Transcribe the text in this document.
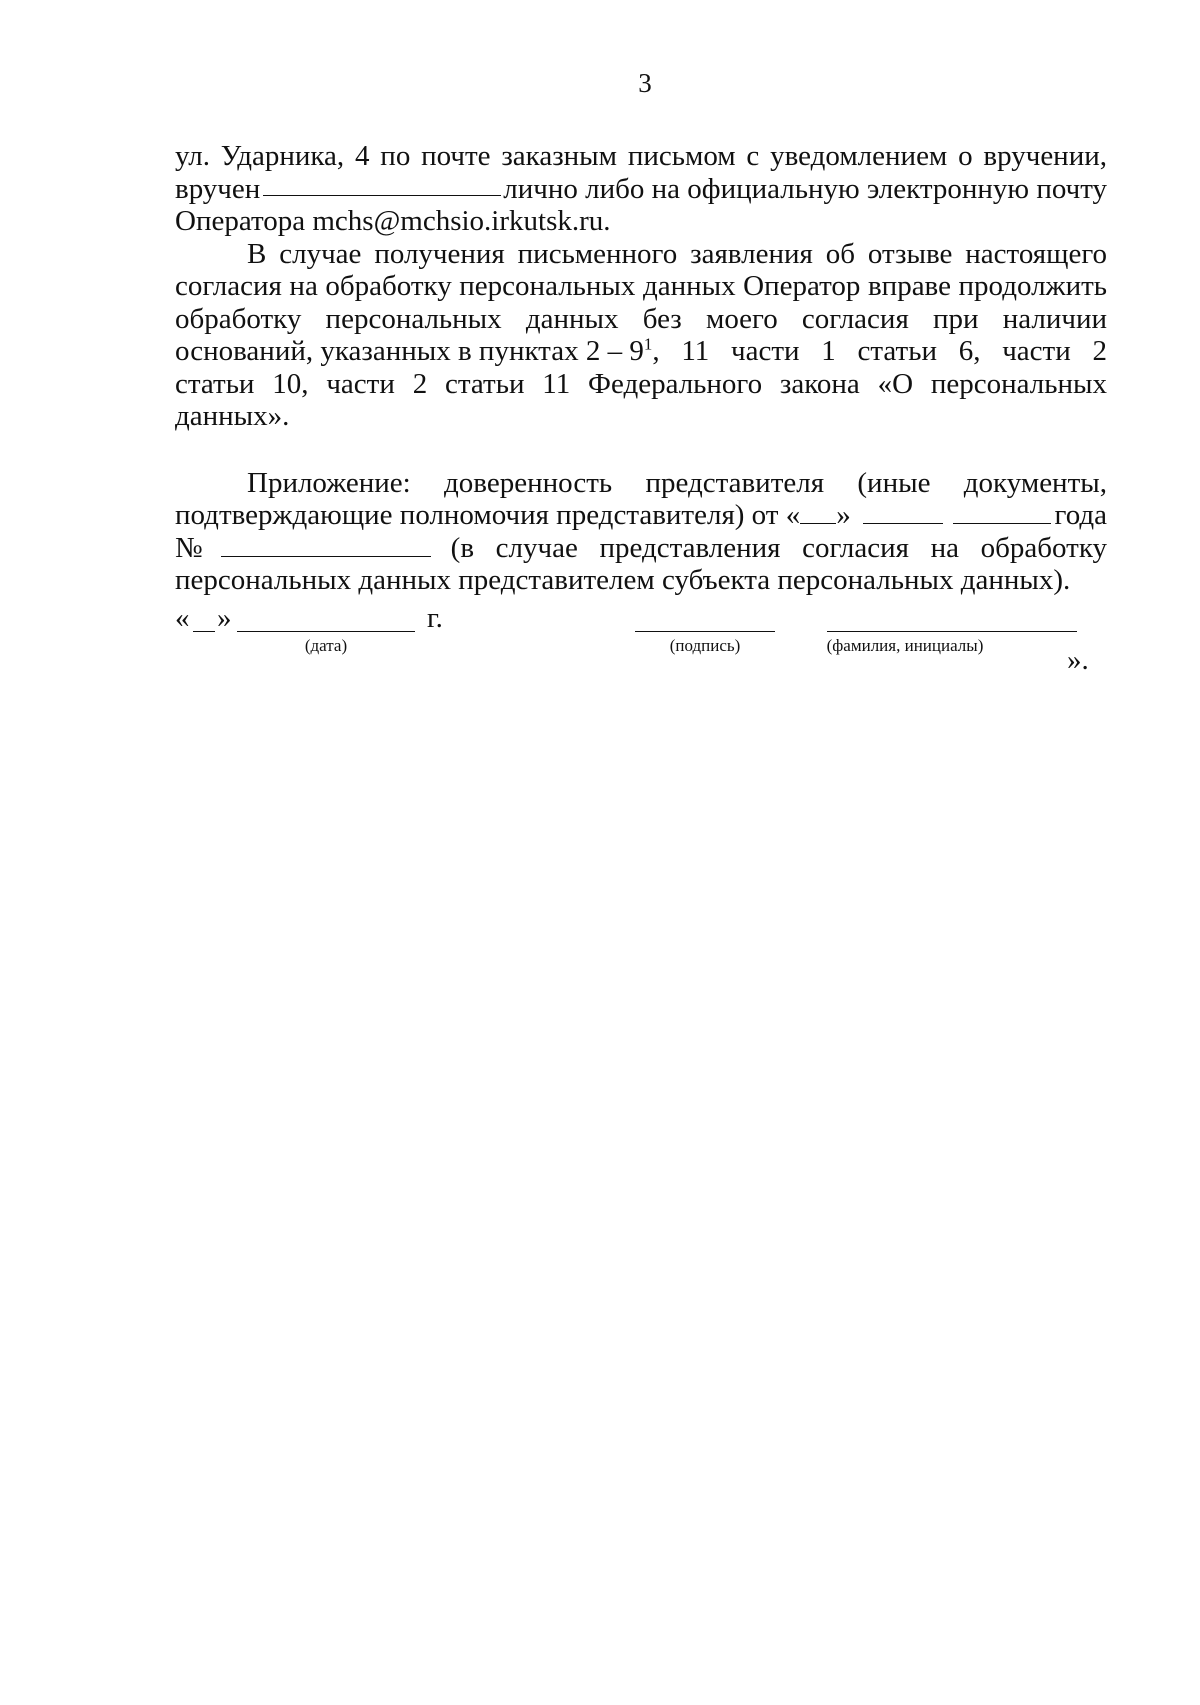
3
ул. Ударника, 4 по почте заказным письмом с уведомлением о вручении,
вручен	лично либо на официальную электронную почту
Оператора mchs@mchsio.irkutsk.ru.
В случае получения письменного заявления об отзыве настоящего
согласия на обработку персональных данных Оператор вправе продолжить
обработку персональных данных без моего согласия при наличии
оснований, указанных в пунктах $2 - 9^1$ , 11 части 1 статьи 6, части 2
статьи 10, части 2 статьи 11 Федерального закона «О персональных
данных».
Приложение: доверенность представителя (иные документы,
подтверждающие полномочия представителя) от « »	года
№	(в случае представления согласия на обработку
персональных данных представителем субъекта персональных данных).
« »	г.
(дата)	(подпись)	(фамилия, инициалы)	».
